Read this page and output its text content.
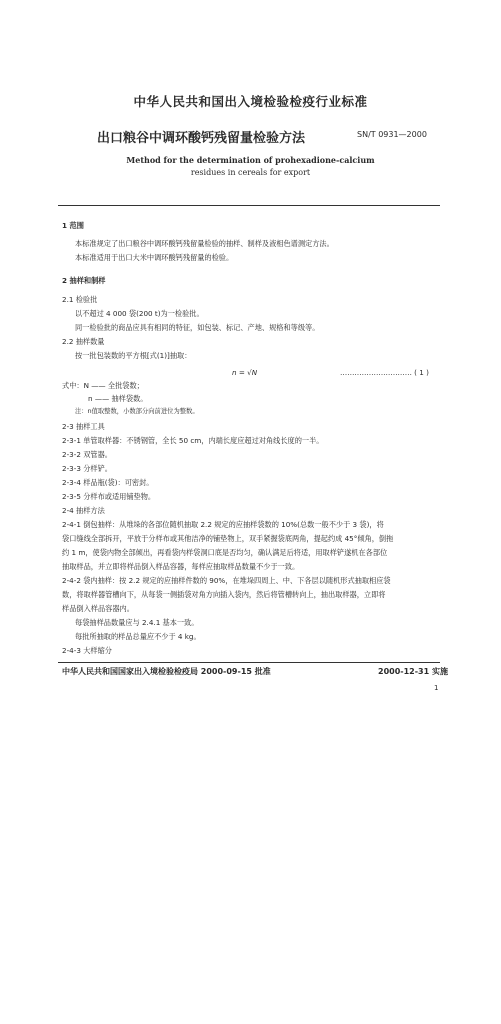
中华人民共和国出入境检验检疫行业标准
出口粮谷中调环酸钙残留量检验方法	SN/T 0931—2000
Method for the determination of prohexadione-calcium
residues in cereals for export
1 范围
本标准规定了出口粮谷中调环酸钙残留量检验的抽样、制样及液相色谱测定方法。
本标准适用于出口大米中调环酸钙残留量的检验。
2 抽样和制样
2.1 检验批
以不超过 4 000 袋(200 t)为一检验批。
同一检验批的商品应具有相同的特征，如包装、标记、产地、规格和等级等。
2.2 抽样数量
按一批包装数的平方根[式(1)]抽取：
n = √N	………………………… ( 1 )
式中：N —— 全批袋数；
n —— 抽样袋数。
注：n值取整数，小数部分向前进位为整数。
2-3 抽样工具
2-3-1 单管取样器：不锈钢管，全长 50 cm，内端长度应超过对角线长度的一半。
2-3-2 双管器。
2-3-3 分样铲。
2-3-4 样品瓶(袋)：可密封。
2-3-5 分样布或适用铺垫物。
2-4 抽样方法
2-4-1 倒包抽样：从堆垛的各部位随机抽取 2.2 规定的应抽样袋数的 10%(总数一般不少于 3 袋)，将
袋口缝线全部拆开，平放于分样布或其他洁净的铺垫物上，双手紧握袋底两角，提起约成 45°倾角，倒拖
约 1 m，使袋内物全部倾出，再看袋内样袋洞口底是否均匀，确认满足后将适，用取样铲遂机在各部位
抽取样品，并立即将样品倒入样品容器，每样应抽取样品数量不少于一致。
2-4-2 袋内抽样：按 2.2 规定的应抽样件数的 90%，在堆垛四周上、中、下各层以随机形式抽取相应袋
数，将取样器管槽向下，从每袋一侧插袋对角方向插入袋内，然后将管槽转向上，抽出取样器，立即将
样品倒入样品容器内。
每袋抽样品数量应与 2.4.1 基本一致。
每批所抽取的样品总量应不少于 4 kg。
2-4-3 大样缩分
中华人民共和国国家出入境检验检疫局 2000-09-15 批准	2000-12-31 实施
1
